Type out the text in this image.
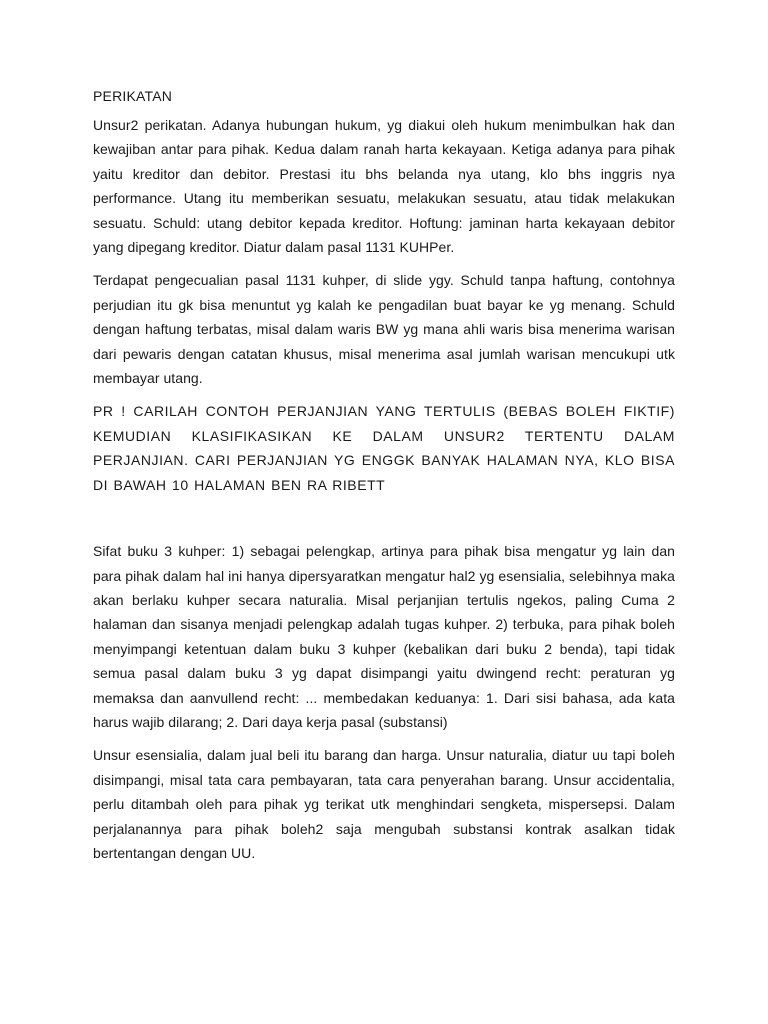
PERIKATAN

Unsur2 perikatan. Adanya hubungan hukum, yg diakui oleh hukum menimbulkan hak dan kewajiban antar para pihak. Kedua dalam ranah harta kekayaan. Ketiga adanya para pihak yaitu kreditor dan debitor. Prestasi itu bhs belanda nya utang, klo bhs inggris nya performance. Utang itu memberikan sesuatu, melakukan sesuatu, atau tidak melakukan sesuatu. Schuld: utang debitor kepada kreditor. Hoftung: jaminan harta kekayaan debitor yang dipegang kreditor. Diatur dalam pasal 1131 KUHPer.

Terdapat pengecualian pasal 1131 kuhper, di slide ygy. Schuld tanpa haftung, contohnya perjudian itu gk bisa menuntut yg kalah ke pengadilan buat bayar ke yg menang. Schuld dengan haftung terbatas, misal dalam waris BW yg mana ahli waris bisa menerima warisan dari pewaris dengan catatan khusus, misal menerima asal jumlah warisan mencukupi utk membayar utang.

PR ! CARILAH CONTOH PERJANJIAN YANG TERTULIS (BEBAS BOLEH FIKTIF) KEMUDIAN KLASIFIKASIKAN KE DALAM UNSUR2 TERTENTU DALAM PERJANJIAN. CARI PERJANJIAN YG ENGGK BANYAK HALAMAN NYA, KLO BISA DI BAWAH 10 HALAMAN BEN RA RIBETT

Sifat buku 3 kuhper: 1) sebagai pelengkap, artinya para pihak bisa mengatur yg lain dan para pihak dalam hal ini hanya dipersyaratkan mengatur hal2 yg esensialia, selebihnya maka akan berlaku kuhper secara naturalia. Misal perjanjian tertulis ngekos, paling Cuma 2 halaman dan sisanya menjadi pelengkap adalah tugas kuhper. 2) terbuka, para pihak boleh menyimpangi ketentuan dalam buku 3 kuhper (kebalikan dari buku 2 benda), tapi tidak semua pasal dalam buku 3 yg dapat disimpangi yaitu dwingend recht: peraturan yg memaksa dan aanvullend recht: ... membedakan keduanya: 1. Dari sisi bahasa, ada kata harus wajib dilarang; 2. Dari daya kerja pasal (substansi)

Unsur esensialia, dalam jual beli itu barang dan harga. Unsur naturalia, diatur uu tapi boleh disimpangi, misal tata cara pembayaran, tata cara penyerahan barang. Unsur accidentalia, perlu ditambah oleh para pihak yg terikat utk menghindari sengketa, mispersepsi. Dalam perjalanannya para pihak boleh2 saja mengubah substansi kontrak asalkan tidak bertentangan dengan UU.
